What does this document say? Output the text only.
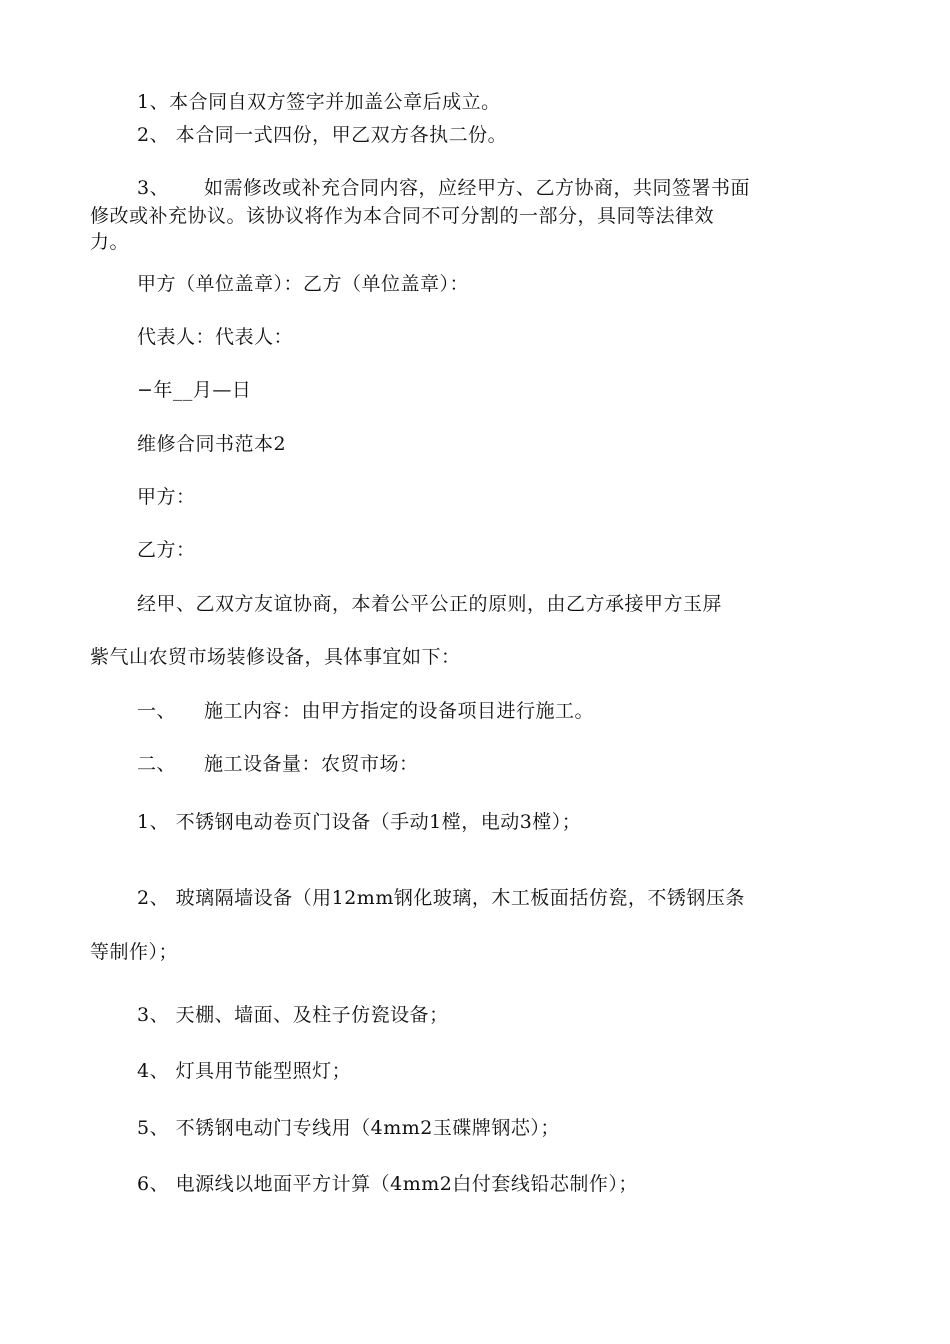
1、本合同自双方签字并加盖公章后成立。
2、 本合同一式四份，甲乙双方各执二份。
3、 如需修改或补充合同内容，应经甲方、乙方协商，共同签署书面
修改或补充协议。该协议将作为本合同不可分割的一部分，具同等法律效
力。
甲方（单位盖章）：乙方（单位盖章）：
代表人：代表人：
−年__月—日
维修合同书范本2
甲方：
乙方：
经甲、乙双方友谊协商，本着公平公正的原则，由乙方承接甲方玉屏
紫气山农贸市场装修设备，具体事宜如下：
一、 施工内容：由甲方指定的设备项目进行施工。
二、 施工设备量：农贸市场：
1、 不锈钢电动卷页门设备（手动1樘，电动3樘）；
2、 玻璃隔墙设备（用12mm钢化玻璃，木工板面括仿瓷，不锈钢压条
等制作）；
3、 天棚、墙面、及柱子仿瓷设备；
4、 灯具用节能型照灯；
5、 不锈钢电动门专线用（4mm2玉碟牌钢芯）；
6、 电源线以地面平方计算（4mm2白付套线铅芯制作）；
